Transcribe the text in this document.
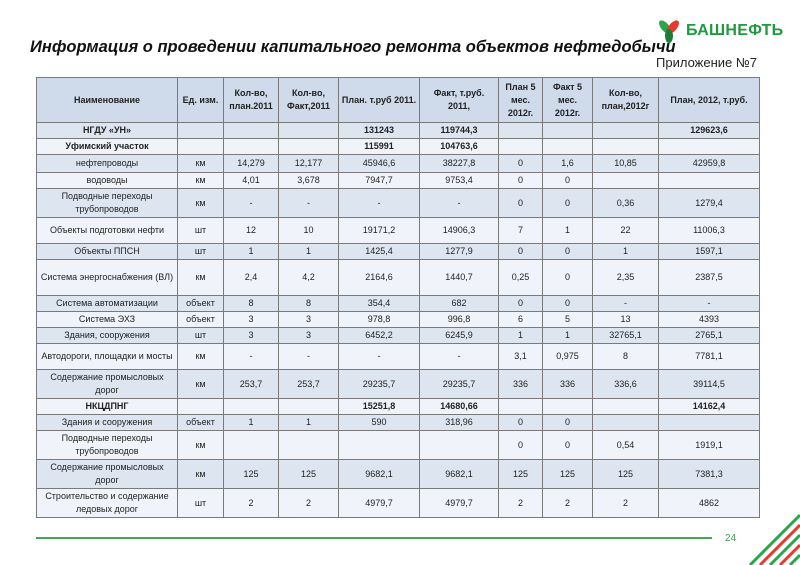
БАШНЕФТЬ
Информация о проведении капитального ремонта объектов нефтедобычи
Приложение №7
Наименование	Ед. изм.	Кол-во, план.2011	Кол-во, Факт,2011	План. т.руб 2011.	Факт, т.руб. 2011,	План 5 мес. 2012г.	Факт 5 мес. 2012г.	Кол-во, план,2012г	План, 2012, т.руб.
НГДУ «УН»				131243	119744,3				129623,6
Уфимский участок				115991	104763,6				
нефтепроводы	км	14,279	12,177	45946,6	38227,8	0	1,6	10,85	42959,8
водоводы	км	4,01	3,678	7947,7	9753,4	0	0		
Подводные переходы трубопроводов	км	-	-	-	-	0	0	0,36	1279,4
Объекты подготовки нефти	шт	12	10	19171,2	14906,3	7	1	22	11006,3
Объекты ППСН	шт	1	1	1425,4	1277,9	0	0	1	1597,1
Система энергоснабжения (ВЛ)	км	2,4	4,2	2164,6	1440,7	0,25	0	2,35	2387,5
Система автоматизации	объект	8	8	354,4	682	0	0	-	-
Система ЭХЗ	объект	3	3	978,8	996,8	6	5	13	4393
Здания, сооружения	шт	3	3	6452,2	6245,9	1	1	32765,1	2765,1
Автодороги, площадки и мосты	км	-	-	-	-	3,1	0,975	8	7781,1
Содержание промысловых дорог	км	253,7	253,7	29235,7	29235,7	336	336	336,6	39114,5
НКЦДПНГ				15251,8	14680,66				14162,4
Здания и сооружения	объект	1	1	590	318,96	0	0		
Подводные переходы трубопроводов	км					0	0	0,54	1919,1
Содержание промысловых дорог	км	125	125	9682,1	9682,1	125	125	125	7381,3
Строительство и содержание ледовых дорог	шт	2	2	4979,7	4979,7	2	2	2	4862
24
